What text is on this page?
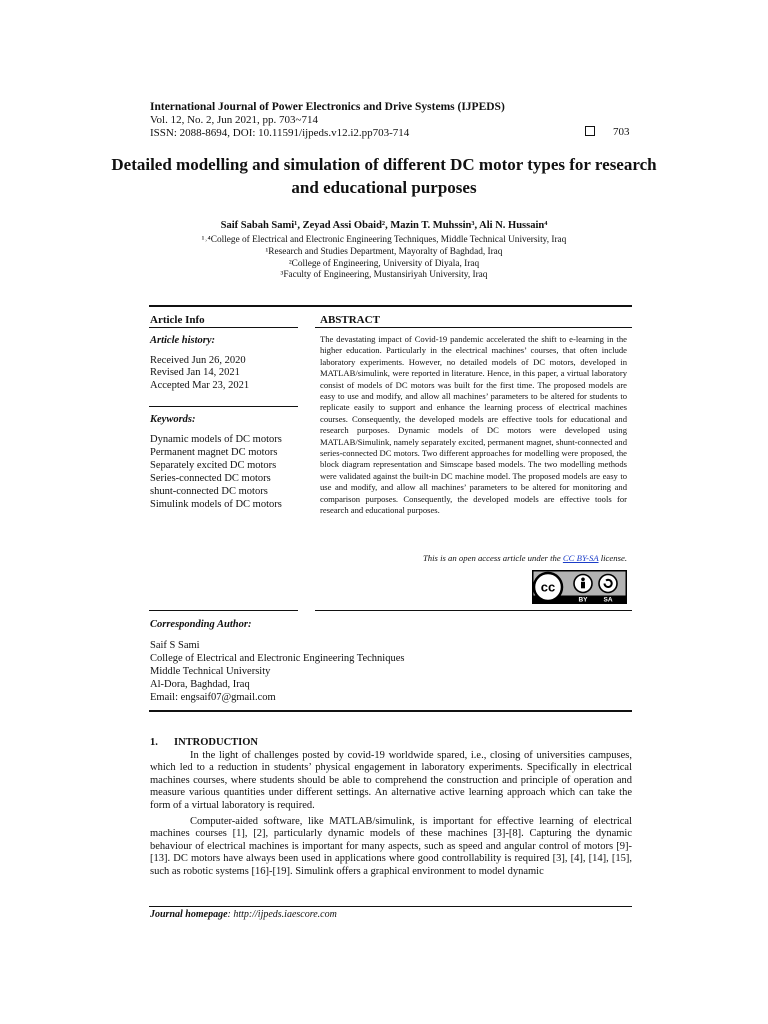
International Journal of Power Electronics and Drive Systems (IJPEDS)
Vol. 12, No. 2, Jun 2021, pp. 703~714
ISSN: 2088-8694, DOI: 10.11591/ijpeds.v12.i2.pp703-714	703
Detailed modelling and simulation of different DC motor types for research and educational purposes
Saif Sabah Sami¹, Zeyad Assi Obaid², Mazin T. Muhssin³, Ali N. Hussain⁴
¹˒⁴College of Electrical and Electronic Engineering Techniques, Middle Technical University, Iraq
¹Research and Studies Department, Mayoralty of Baghdad, Iraq
²College of Engineering, University of Diyala, Iraq
³Faculty of Engineering, Mustansiriyah University, Iraq
Article Info
Article history:
Received Jun 26, 2020
Revised Jan 14, 2021
Accepted Mar 23, 2021
Keywords:
Dynamic models of DC motors
Permanent magnet DC motors
Separately excited DC motors
Series-connected DC motors
shunt-connected DC motors
Simulink models of DC motors
ABSTRACT
The devastating impact of Covid-19 pandemic accelerated the shift to e-learning in the higher education. Particularly in the electrical machines’ courses, that often include laboratory experiments. However, no detailed models of DC motors, developed in MATLAB/simulink, were reported in literature. Hence, in this paper, a virtual laboratory consist of models of DC motors was built for the first time. The proposed models are easy to use and modify, and allow all machines’ parameters to be altered for students to replicate easily to support and enhance the learning process of electrical machines courses. Consequently, the developed models are effective tools for educational and research purposes. Dynamic models of DC motors were developed using MATLAB/Simulink, namely separately excited, permanent magnet, shunt-connected and series-connected DC motors. Two different approaches for modelling were proposed, the block diagram representation and Simscape based models. The two modelling methods were validated against the built-in DC machine model. The proposed models are easy to use and modify, and allow all machines’ parameters to be altered for monitoring and comparison purposes. Consequently, the developed models are effective tools for research and educational purposes.
This is an open access article under the CC BY-SA license.
cc
BY SA
Corresponding Author:
Saif S Sami
College of Electrical and Electronic Engineering Techniques
Middle Technical University
Al-Dora, Baghdad, Iraq
Email: engsaif07@gmail.com
1. INTRODUCTION
In the light of challenges posted by covid-19 worldwide spared, i.e., closing of universities campuses, which led to a reduction in students’ physical engagement in laboratory experiments. Specifically in electrical machines courses, where students should be able to comprehend the construction and principle of operation and measure various quantities under different settings. An alternative active learning approach which can take the form of a virtual laboratory is required.
Computer-aided software, like MATLAB/simulink, is important for effective learning of electrical machines courses [1], [2], particularly dynamic models of these machines [3]-[8]. Capturing the dynamic behaviour of electrical machines is important for many aspects, such as speed and angular control of motors [9]-[13]. DC motors have always been used in applications where good controllability is required [3], [4], [14], [15], such as robotic systems [16]-[19]. Simulink offers a graphical environment to model dynamic
Journal homepage: http://ijpeds.iaescore.com
